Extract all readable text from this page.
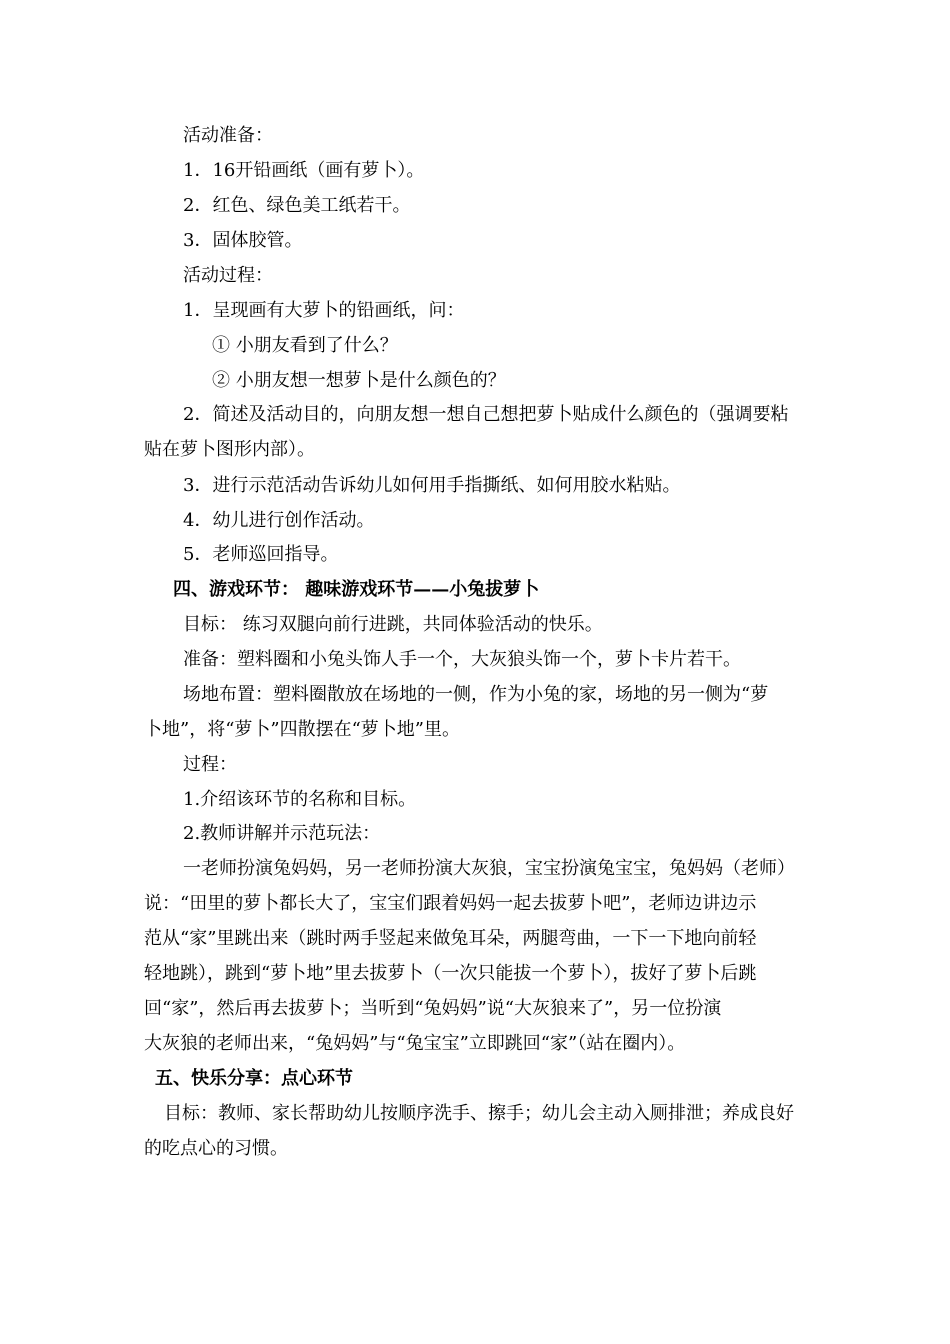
活动准备：
1．16开铅画纸（画有萝卜）。
2．红色、绿色美工纸若干。
3．固体胶管。
活动过程：
1．呈现画有大萝卜的铅画纸，问：
① 小朋友看到了什么？
② 小朋友想一想萝卜是什么颜色的？
2．简述及活动目的，向朋友想一想自己想把萝卜贴成什么颜色的（强调要粘
贴在萝卜图形内部）。
3．进行示范活动告诉幼儿如何用手指撕纸、如何用胶水粘贴。
4．幼儿进行创作活动。
5．老师巡回指导。
四、游戏环节： 趣味游戏环节——小兔拔萝卜
目标： 练习双腿向前行进跳，共同体验活动的快乐。
准备：塑料圈和小兔头饰人手一个，大灰狼头饰一个，萝卜卡片若干。
场地布置：塑料圈散放在场地的一侧，作为小兔的家，场地的另一侧为“萝
卜地”，将“萝卜”四散摆在“萝卜地”里。
过程：
1.介绍该环节的名称和目标。
2.教师讲解并示范玩法：
一老师扮演兔妈妈，另一老师扮演大灰狼，宝宝扮演兔宝宝，兔妈妈（老师）
说：“田里的萝卜都长大了，宝宝们跟着妈妈一起去拔萝卜吧”，老师边讲边示
范从“家”里跳出来（跳时两手竖起来做兔耳朵，两腿弯曲，一下一下地向前轻
轻地跳），跳到“萝卜地”里去拔萝卜（一次只能拔一个萝卜），拔好了萝卜后跳
回“家”，然后再去拔萝卜；当听到“兔妈妈”说“大灰狼来了”，另一位扮演
大灰狼的老师出来，“兔妈妈”与“兔宝宝”立即跳回“家”（站在圈内）。
五、快乐分享：点心环节
目标：教师、家长帮助幼儿按顺序洗手、擦手；幼儿会主动入厕排泄；养成良好
的吃点心的习惯。
